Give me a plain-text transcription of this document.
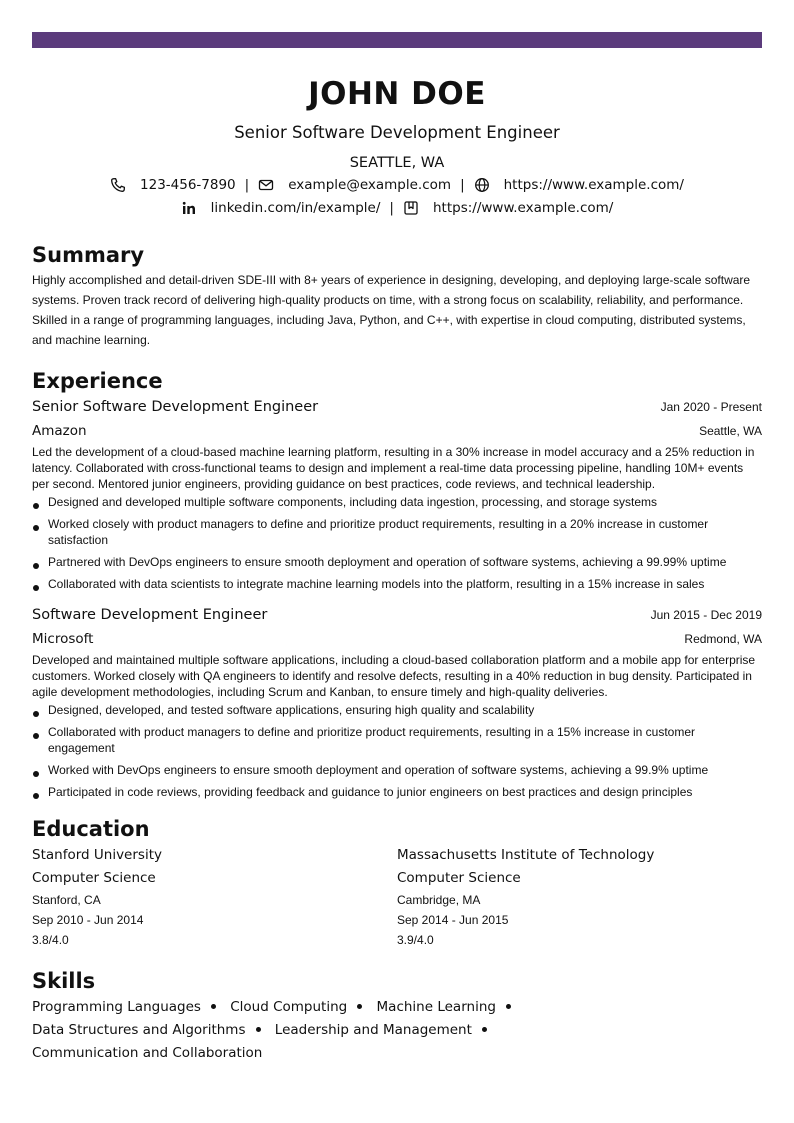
JOHN DOE
Senior Software Development Engineer
SEATTLE, WA
123-456-7890 |	example@example.com |	https://www.example.com/
linkedin.com/in/example/ |	https://www.example.com/
Summary
Highly accomplished and detail-driven SDE-III with 8+ years of experience in designing, developing, and deploying large-scale software systems. Proven track record of delivering high-quality products on time, with a strong focus on scalability, reliability, and performance. Skilled in a range of programming languages, including Java, Python, and C++, with expertise in cloud computing, distributed systems, and machine learning.
Experience
Senior Software Development Engineer	Jan 2020 - Present
Amazon	Seattle, WA
Led the development of a cloud-based machine learning platform, resulting in a 30% increase in model accuracy and a 25% reduction in latency. Collaborated with cross-functional teams to design and implement a real-time data processing pipeline, handling 10M+ events per second. Mentored junior engineers, providing guidance on best practices, code reviews, and technical leadership.
Designed and developed multiple software components, including data ingestion, processing, and storage systems
Worked closely with product managers to define and prioritize product requirements, resulting in a 20% increase in customer satisfaction
Partnered with DevOps engineers to ensure smooth deployment and operation of software systems, achieving a 99.99% uptime
Collaborated with data scientists to integrate machine learning models into the platform, resulting in a 15% increase in sales
Software Development Engineer	Jun 2015 - Dec 2019
Microsoft	Redmond, WA
Developed and maintained multiple software applications, including a cloud-based collaboration platform and a mobile app for enterprise customers. Worked closely with QA engineers to identify and resolve defects, resulting in a 40% reduction in bug density. Participated in agile development methodologies, including Scrum and Kanban, to ensure timely and high-quality deliveries.
Designed, developed, and tested software applications, ensuring high quality and scalability
Collaborated with product managers to define and prioritize product requirements, resulting in a 15% increase in customer engagement
Worked with DevOps engineers to ensure smooth deployment and operation of software systems, achieving a 99.9% uptime
Participated in code reviews, providing feedback and guidance to junior engineers on best practices and design principles
Education
Stanford University
Computer Science
Stanford, CA
Sep 2010 - Jun 2014
3.8/4.0
Massachusetts Institute of Technology
Computer Science
Cambridge, MA
Sep 2014 - Jun 2015
3.9/4.0
Skills
Programming Languages Cloud Computing Machine Learning Data Structures and Algorithms Leadership and Management Communication and Collaboration
